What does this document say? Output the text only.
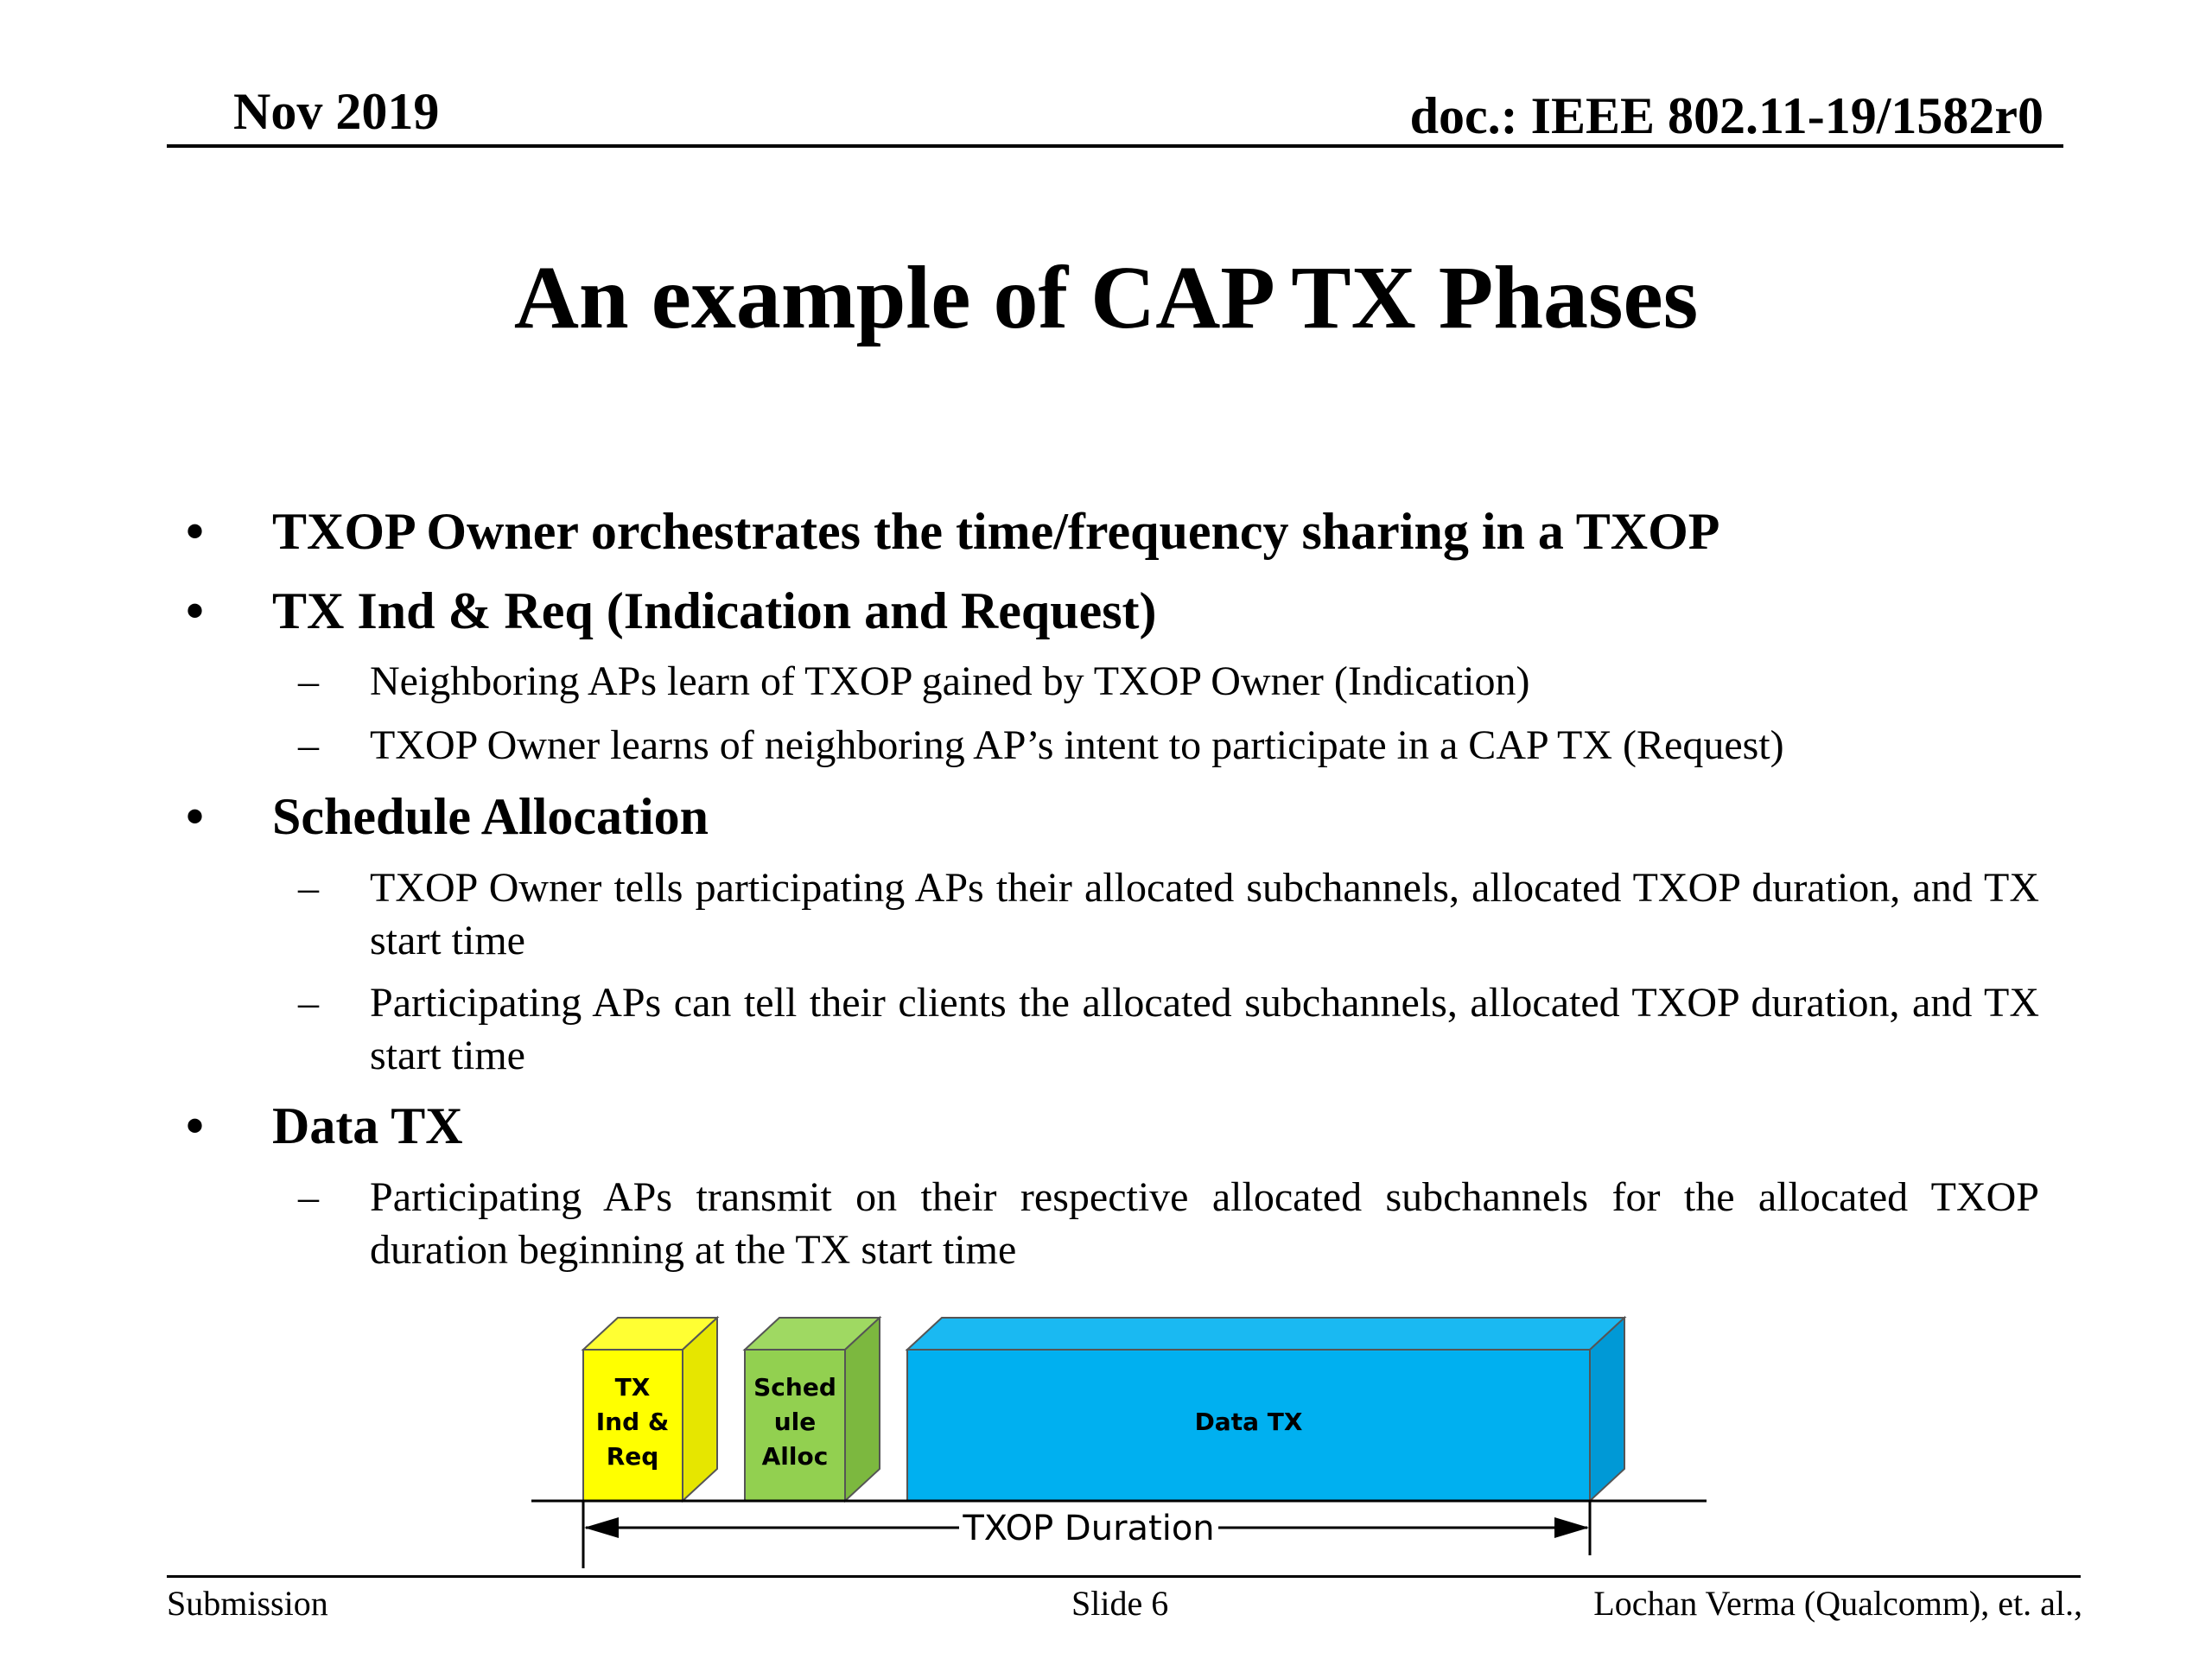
Nov 2019	doc.: IEEE 802.11-19/1582r0
An example of CAP TX Phases
• TXOP Owner orchestrates the time/frequency sharing in a TXOP
• TX Ind & Req (Indication and Request)
– Neighboring APs learn of TXOP gained by TXOP Owner (Indication)
– TXOP Owner learns of neighboring AP’s intent to participate in a CAP TX (Request)
• Schedule Allocation
– TXOP Owner tells participating APs their allocated subchannels, allocated TXOP duration, and TX start time
– Participating APs can tell their clients the allocated subchannels, allocated TXOP duration, and TX start time
• Data TX
– Participating APs transmit on their respective allocated subchannels for the allocated TXOP duration beginning at the TX start time
TX
Ind &
Req
Sched
ule
Alloc
Data TX
TXOP Duration
Submission	Slide 6	Lochan Verma (Qualcomm), et. al.,
